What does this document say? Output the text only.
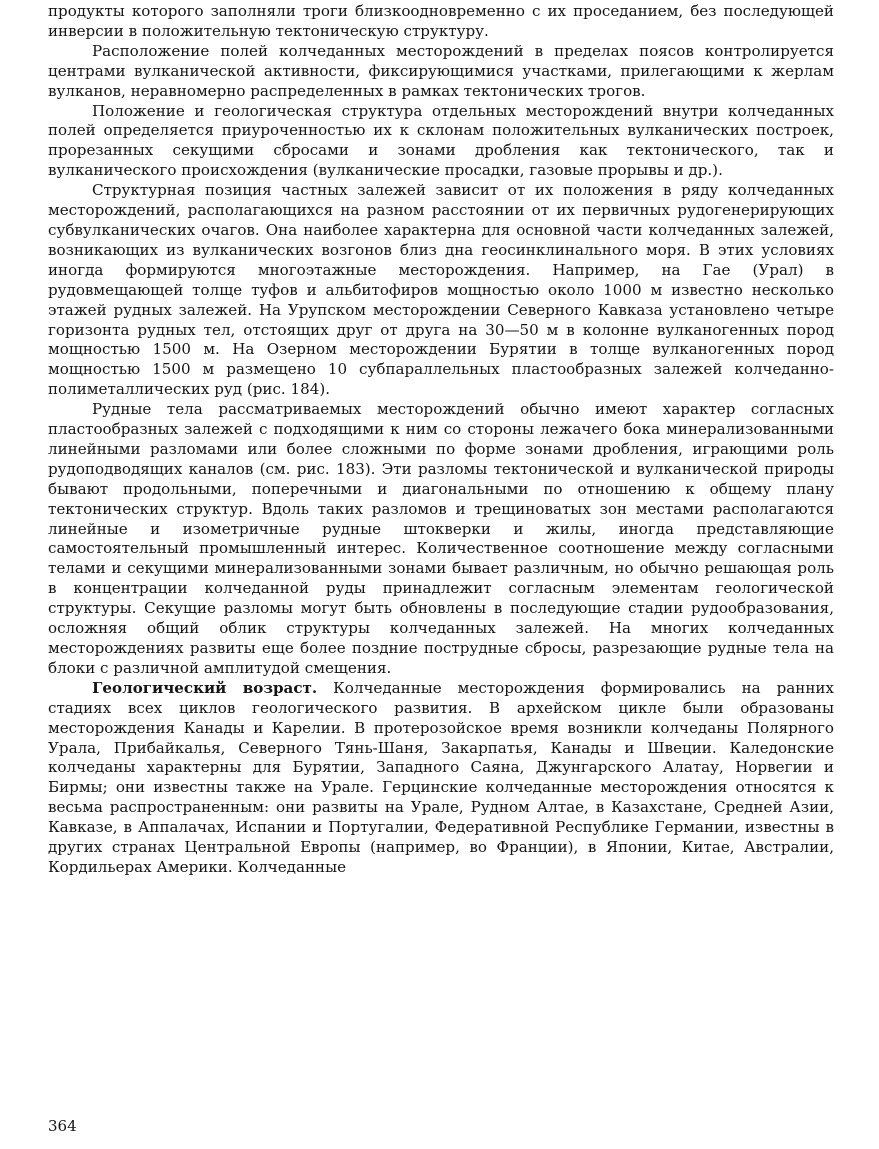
продукты которого заполняли троги близкоодновременно с их проседанием, без последующей инверсии в положительную тектоническую структуру.

Расположение полей колчеданных месторождений в пределах поясов контролируется центрами вулканической активности, фиксирующимися участками, прилегающими к жерлам вулканов, неравномерно распределенных в рамках тектонических трогов.

Положение и геологическая структура отдельных месторождений внутри колчеданных полей определяется приуроченностью их к склонам положительных вулканических построек, прорезанных секущими сбросами и зонами дробления как тектонического, так и вулканического происхождения (вулканические просадки, газовые прорывы и др.).

Структурная позиция частных залежей зависит от их положения в ряду колчеданных месторождений, располагающихся на разном расстоянии от их первичных рудогенерирующих субвулканических очагов. Она наиболее характерна для основной части колчеданных залежей, возникающих из вулканических возгонов близ дна геосинклинального моря. В этих условиях иногда формируются многоэтажные месторождения. Например, на Гае (Урал) в рудовмещающей толще туфов и альбитофиров мощностью около 1000 м известно несколько этажей рудных залежей. На Урупском месторождении Северного Кавказа установлено четыре горизонта рудных тел, отстоящих друг от друга на 30—50 м в колонне вулканогенных пород мощностью 1500 м. На Озерном месторождении Бурятии в толще вулканогенных пород мощностью 1500 м размещено 10 субпараллельных пластообразных залежей колчеданно-полиметаллических руд (рис. 184).

Рудные тела рассматриваемых месторождений обычно имеют характер согласных пластообразных залежей с подходящими к ним со стороны лежачего бока минерализованными линейными разломами или более сложными по форме зонами дробления, играющими роль рудоподводящих каналов (см. рис. 183). Эти разломы тектонической и вулканической природы бывают продольными, поперечными и диагональными по отношению к общему плану тектонических структур. Вдоль таких разломов и трещиноватых зон местами располагаются линейные и изометричные рудные штокверки и жилы, иногда представляющие самостоятельный промышленный интерес. Количественное соотношение между согласными телами и секущими минерализованными зонами бывает различным, но обычно решающая роль в концентрации колчеданной руды принадлежит согласным элементам геологической структуры. Секущие разломы могут быть обновлены в последующие стадии рудообразования, осложняя общий облик структуры колчеданных залежей. На многих колчеданных месторождениях развиты еще более поздние пострудные сбросы, разрезающие рудные тела на блоки с различной амплитудой смещения.

Геологический возраст. Колчеданные месторождения формировались на ранних стадиях всех циклов геологического развития. В архейском цикле были образованы месторождения Канады и Карелии. В протерозойское время возникли колчеданы Полярного Урала, Прибайкалья, Северного Тянь-Шаня, Закарпатья, Канады и Швеции. Каледонские колчеданы характерны для Бурятии, Западного Саяна, Джунгарского Алатау, Норвегии и Бирмы; они известны также на Урале. Герцинские колчеданные месторождения относятся к весьма распространенным: они развиты на Урале, Рудном Алтае, в Казахстане, Средней Азии, Кавказе, в Аппалачах, Испании и Португалии, Федеративной Республике Германии, известны в других странах Центральной Европы (например, во Франции), в Японии, Китае, Австралии, Кордильерах Америки. Колчеданные

364
